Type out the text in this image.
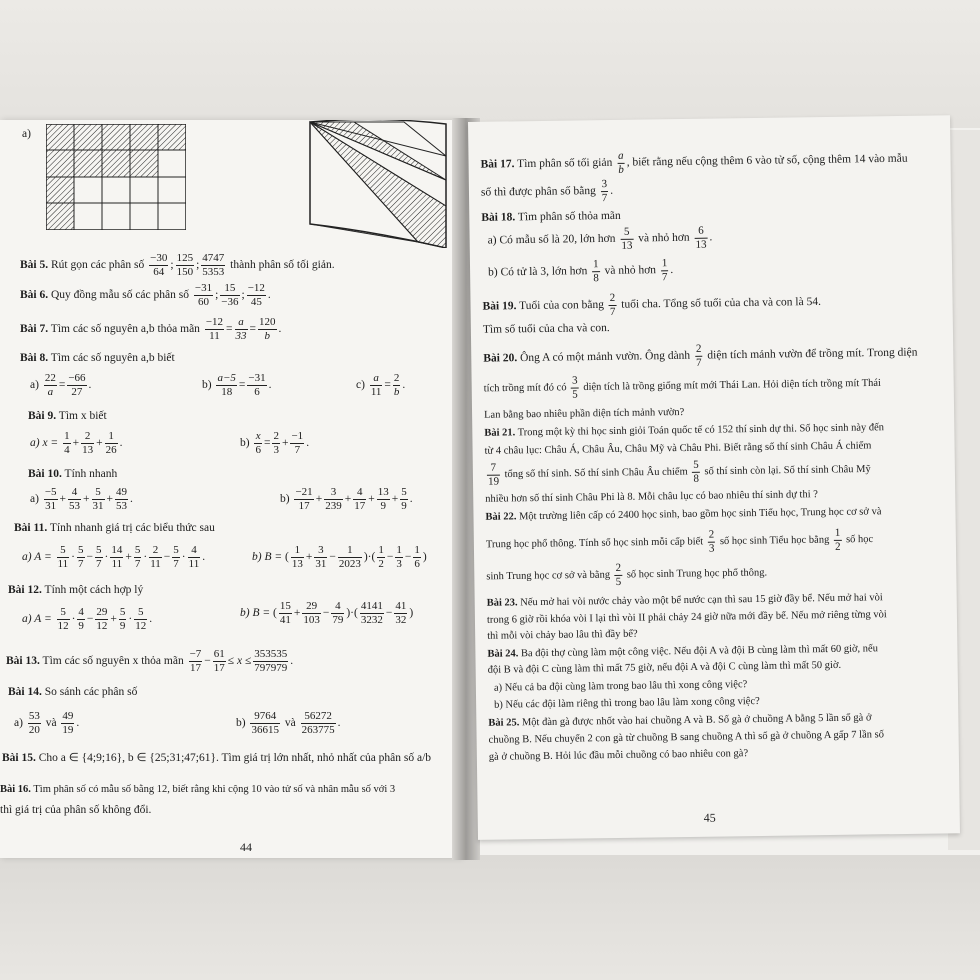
a)
Bài 5. Rút gọn các phân số $\frac{-30}{64}$ ; $\frac{125}{150}$ ; $\frac{4747}{5353}$ thành phân số tối giản.
Bài 6. Quy đồng mẫu số các phân số $\frac{-31}{60}$ ; $\frac{15}{-36}$ ; $\frac{-12}{45}$ .
Bài 7. Tìm các số nguyên a,b thỏa mãn $\frac{-12}{11} = \frac{a}{33} = \frac{120}{b}$ .
Bài 8. Tìm các số nguyên a,b biết
$a) \frac{22}{a} = \frac{-66}{27}$ .	$b) \frac{a-5}{18} = \frac{-31}{6}$ .	$c) \frac{a}{11} = \frac{2}{b}$ .
Bài 9. Tìm x biết
a) $x = \frac{1}{4} + \frac{2}{13} + \frac{1}{26}$ .	$b) \frac{x}{6} = \frac{2}{3} + \frac{-1}{7}$ .
Bài 10. Tính nhanh
$a) \frac{-5}{31} + \frac{4}{53} + \frac{5}{31} + \frac{49}{53}$ .	$b) \frac{-21}{17} + \frac{3}{239} + \frac{4}{17} + \frac{13}{9} + \frac{5}{9}$ .
Bài 11. Tính nhanh giá trị các biểu thức sau
a) $A = \frac{5}{11} \cdot \frac{5}{7} - \frac{5}{7} \cdot \frac{14}{11} + \frac{5}{7} \cdot \frac{2}{11} - \frac{5}{7} \cdot \frac{4}{11}$ .	b) B = ( $\frac{1}{13} + \frac{3}{31} - \frac{1}{2023}$ )·( $\frac{1}{2} - \frac{1}{3} - \frac{1}{6}$ )
Bài 12. Tính một cách hợp lý
a) $A = \frac{5}{12} \cdot \frac{4}{9} - \frac{29}{12} + \frac{5}{9} \cdot \frac{5}{12}$ .	b) B = ( $\frac{15}{41} + \frac{29}{103} - \frac{4}{79}$ )·( $\frac{4141}{3232} - \frac{41}{32}$ )
Bài 13. Tìm các số nguyên x thỏa mãn $\frac{-7}{17} - \frac{61}{17} \le x \le \frac{353535}{797979}$ .
Bài 14. So sánh các phân số
$a) \frac{53}{20}$ và $\frac{49}{19}$ .	$b) \frac{9764}{36615}$ và $\frac{56272}{263775}$ .
Bài 15. Cho a ∈ {4;9;16}, b ∈ {25;31;47;61}. Tìm giá trị lớn nhất, nhỏ nhất của phân số a/b
Bài 16. Tìm phân số có mẫu số bằng 12, biết rằng khi cộng 10 vào tử số và nhân mẫu số với 3
thì giá trị của phân số không đổi.
44
Bài 17. Tìm phân số tối giản $\frac{a}{b}$ , biết rằng nếu cộng thêm 6 vào tử số, cộng thêm 14 vào mẫu
số thì được phân số bằng $\frac{3}{7}$ .
Bài 18. Tìm phân số thỏa mãn
a) Có mẫu số là 20, lớn hơn $\frac{5}{13}$ và nhỏ hơn $\frac{6}{13}$ .
b) Có tử là 3, lớn hơn $\frac{1}{8}$ và nhỏ hơn $\frac{1}{7}$ .
Bài 19. Tuổi của con bằng $\frac{2}{7}$ tuổi cha. Tổng số tuổi của cha và con là 54.
Tìm số tuổi của cha và con.
Bài 20. Ông A có một mảnh vườn. Ông dành $\frac{2}{7}$ diện tích mảnh vườn để trồng mít. Trong diện
tích trồng mít đó có $\frac{3}{5}$ diện tích là trồng giống mít mới Thái Lan. Hỏi diện tích trồng mít Thái
Lan bằng bao nhiêu phần diện tích mảnh vườn?
Bài 21. Trong một kỳ thi học sinh giỏi Toán quốc tế có 152 thí sinh dự thi. Số học sinh này đến
từ 4 châu lục: Châu Á, Châu Âu, Châu Mỹ và Châu Phi. Biết rằng số thí sinh Châu Á chiếm
$\frac{7}{19}$ tổng số thí sinh. Số thí sinh Châu Âu chiếm $\frac{5}{8}$ số thí sinh còn lại. Số thí sinh Châu Mỹ
nhiều hơn số thí sinh Châu Phi là 8. Mỗi châu lục có bao nhiêu thí sinh dự thi ?
Bài 22. Một trường liên cấp có 2400 học sinh, bao gồm học sinh Tiểu học, Trung học cơ sở và
Trung học phổ thông. Tính số học sinh mỗi cấp biết $\frac{2}{3}$ số học sinh Tiểu học bằng $\frac{1}{2}$ số học
sinh Trung học cơ sở và bằng $\frac{2}{5}$ số học sinh Trung học phổ thông.
Bài 23. Nếu mở hai vòi nước chảy vào một bể nước cạn thì sau 15 giờ đầy bể. Nếu mở hai vòi
trong 6 giờ rồi khóa vòi I lại thì vòi II phải chảy 24 giờ nữa mới đầy bể. Nếu mở riêng từng vòi
thì mỗi vòi chảy bao lâu thì đầy bể?
Bài 24. Ba đội thợ cùng làm một công việc. Nếu đội A và đội B cùng làm thì mất 60 giờ, nếu
đội B và đội C cùng làm thì mất 75 giờ, nếu đội A và đội C cùng làm thì mất 50 giờ.
a) Nếu cả ba đội cùng làm trong bao lâu thì xong công việc?
b) Nếu các đội làm riêng thì trong bao lâu làm xong công việc?
Bài 25. Một đàn gà được nhốt vào hai chuồng A và B. Số gà ở chuồng A bằng 5 lần số gà ở
chuồng B. Nếu chuyển 2 con gà từ chuồng B sang chuồng A thì số gà ở chuồng A gấp 7 lần số
gà ở chuồng B. Hỏi lúc đầu mỗi chuồng có bao nhiêu con gà?
45
